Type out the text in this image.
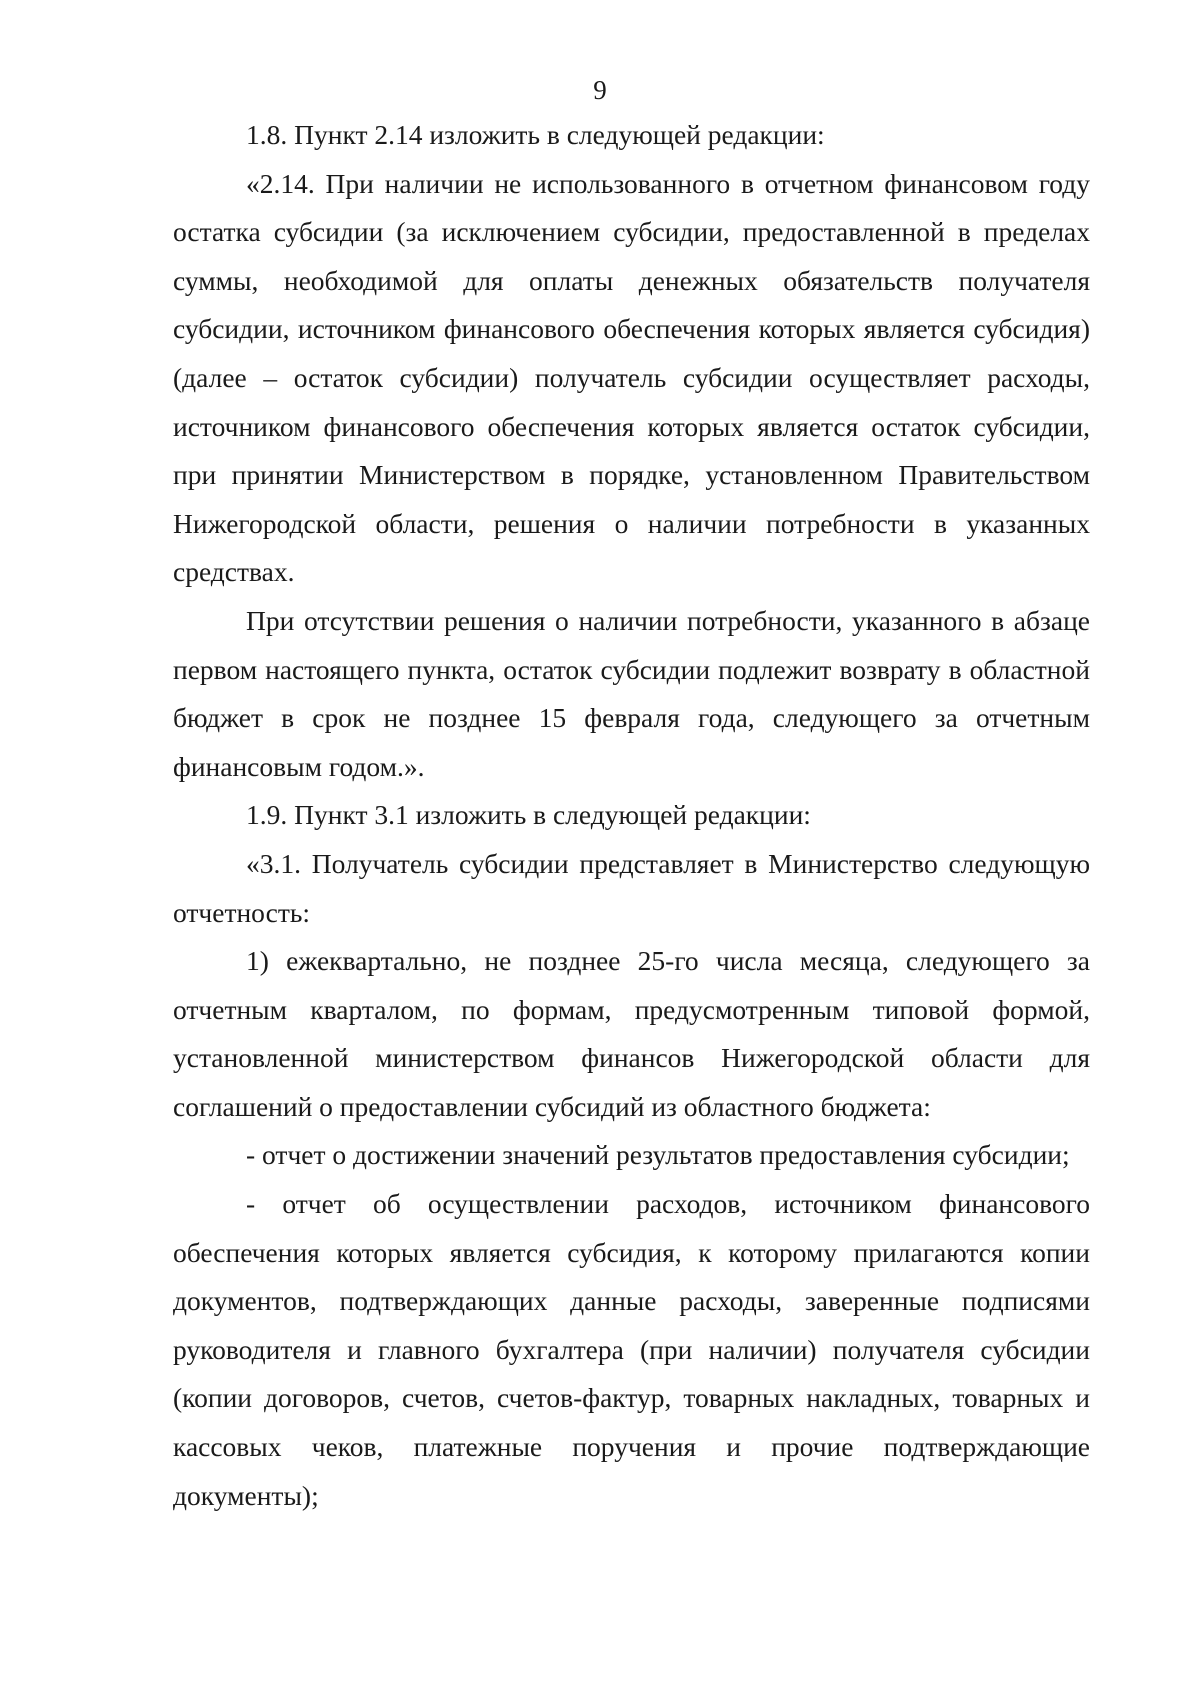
9

1.8. Пункт 2.14 изложить в следующей редакции:

«2.14. При наличии не использованного в отчетном финансовом году остатка субсидии (за исключением субсидии, предоставленной в пределах суммы, необходимой для оплаты денежных обязательств получателя субсидии, источником финансового обеспечения которых является субсидия) (далее – остаток субсидии) получатель субсидии осуществляет расходы, источником финансового обеспечения которых является остаток субсидии, при принятии Министерством в порядке, установленном Правительством Нижегородской области, решения о наличии потребности в указанных средствах.

При отсутствии решения о наличии потребности, указанного в абзаце первом настоящего пункта, остаток субсидии подлежит возврату в областной бюджет в срок не позднее 15 февраля года, следующего за отчетным финансовым годом.».

1.9. Пункт 3.1 изложить в следующей редакции:

«3.1. Получатель субсидии представляет в Министерство следующую отчетность:

1) ежеквартально, не позднее 25-го числа месяца, следующего за отчетным кварталом, по формам, предусмотренным типовой формой, установленной министерством финансов Нижегородской области для соглашений о предоставлении субсидий из областного бюджета:

- отчет о достижении значений результатов предоставления субсидии;

- отчет об осуществлении расходов, источником финансового обеспечения которых является субсидия, к которому прилагаются копии документов, подтверждающих данные расходы, заверенные подписями руководителя и главного бухгалтера (при наличии) получателя субсидии (копии договоров, счетов, счетов-фактур, товарных накладных, товарных и кассовых чеков, платежные поручения и прочие подтверждающие документы);
